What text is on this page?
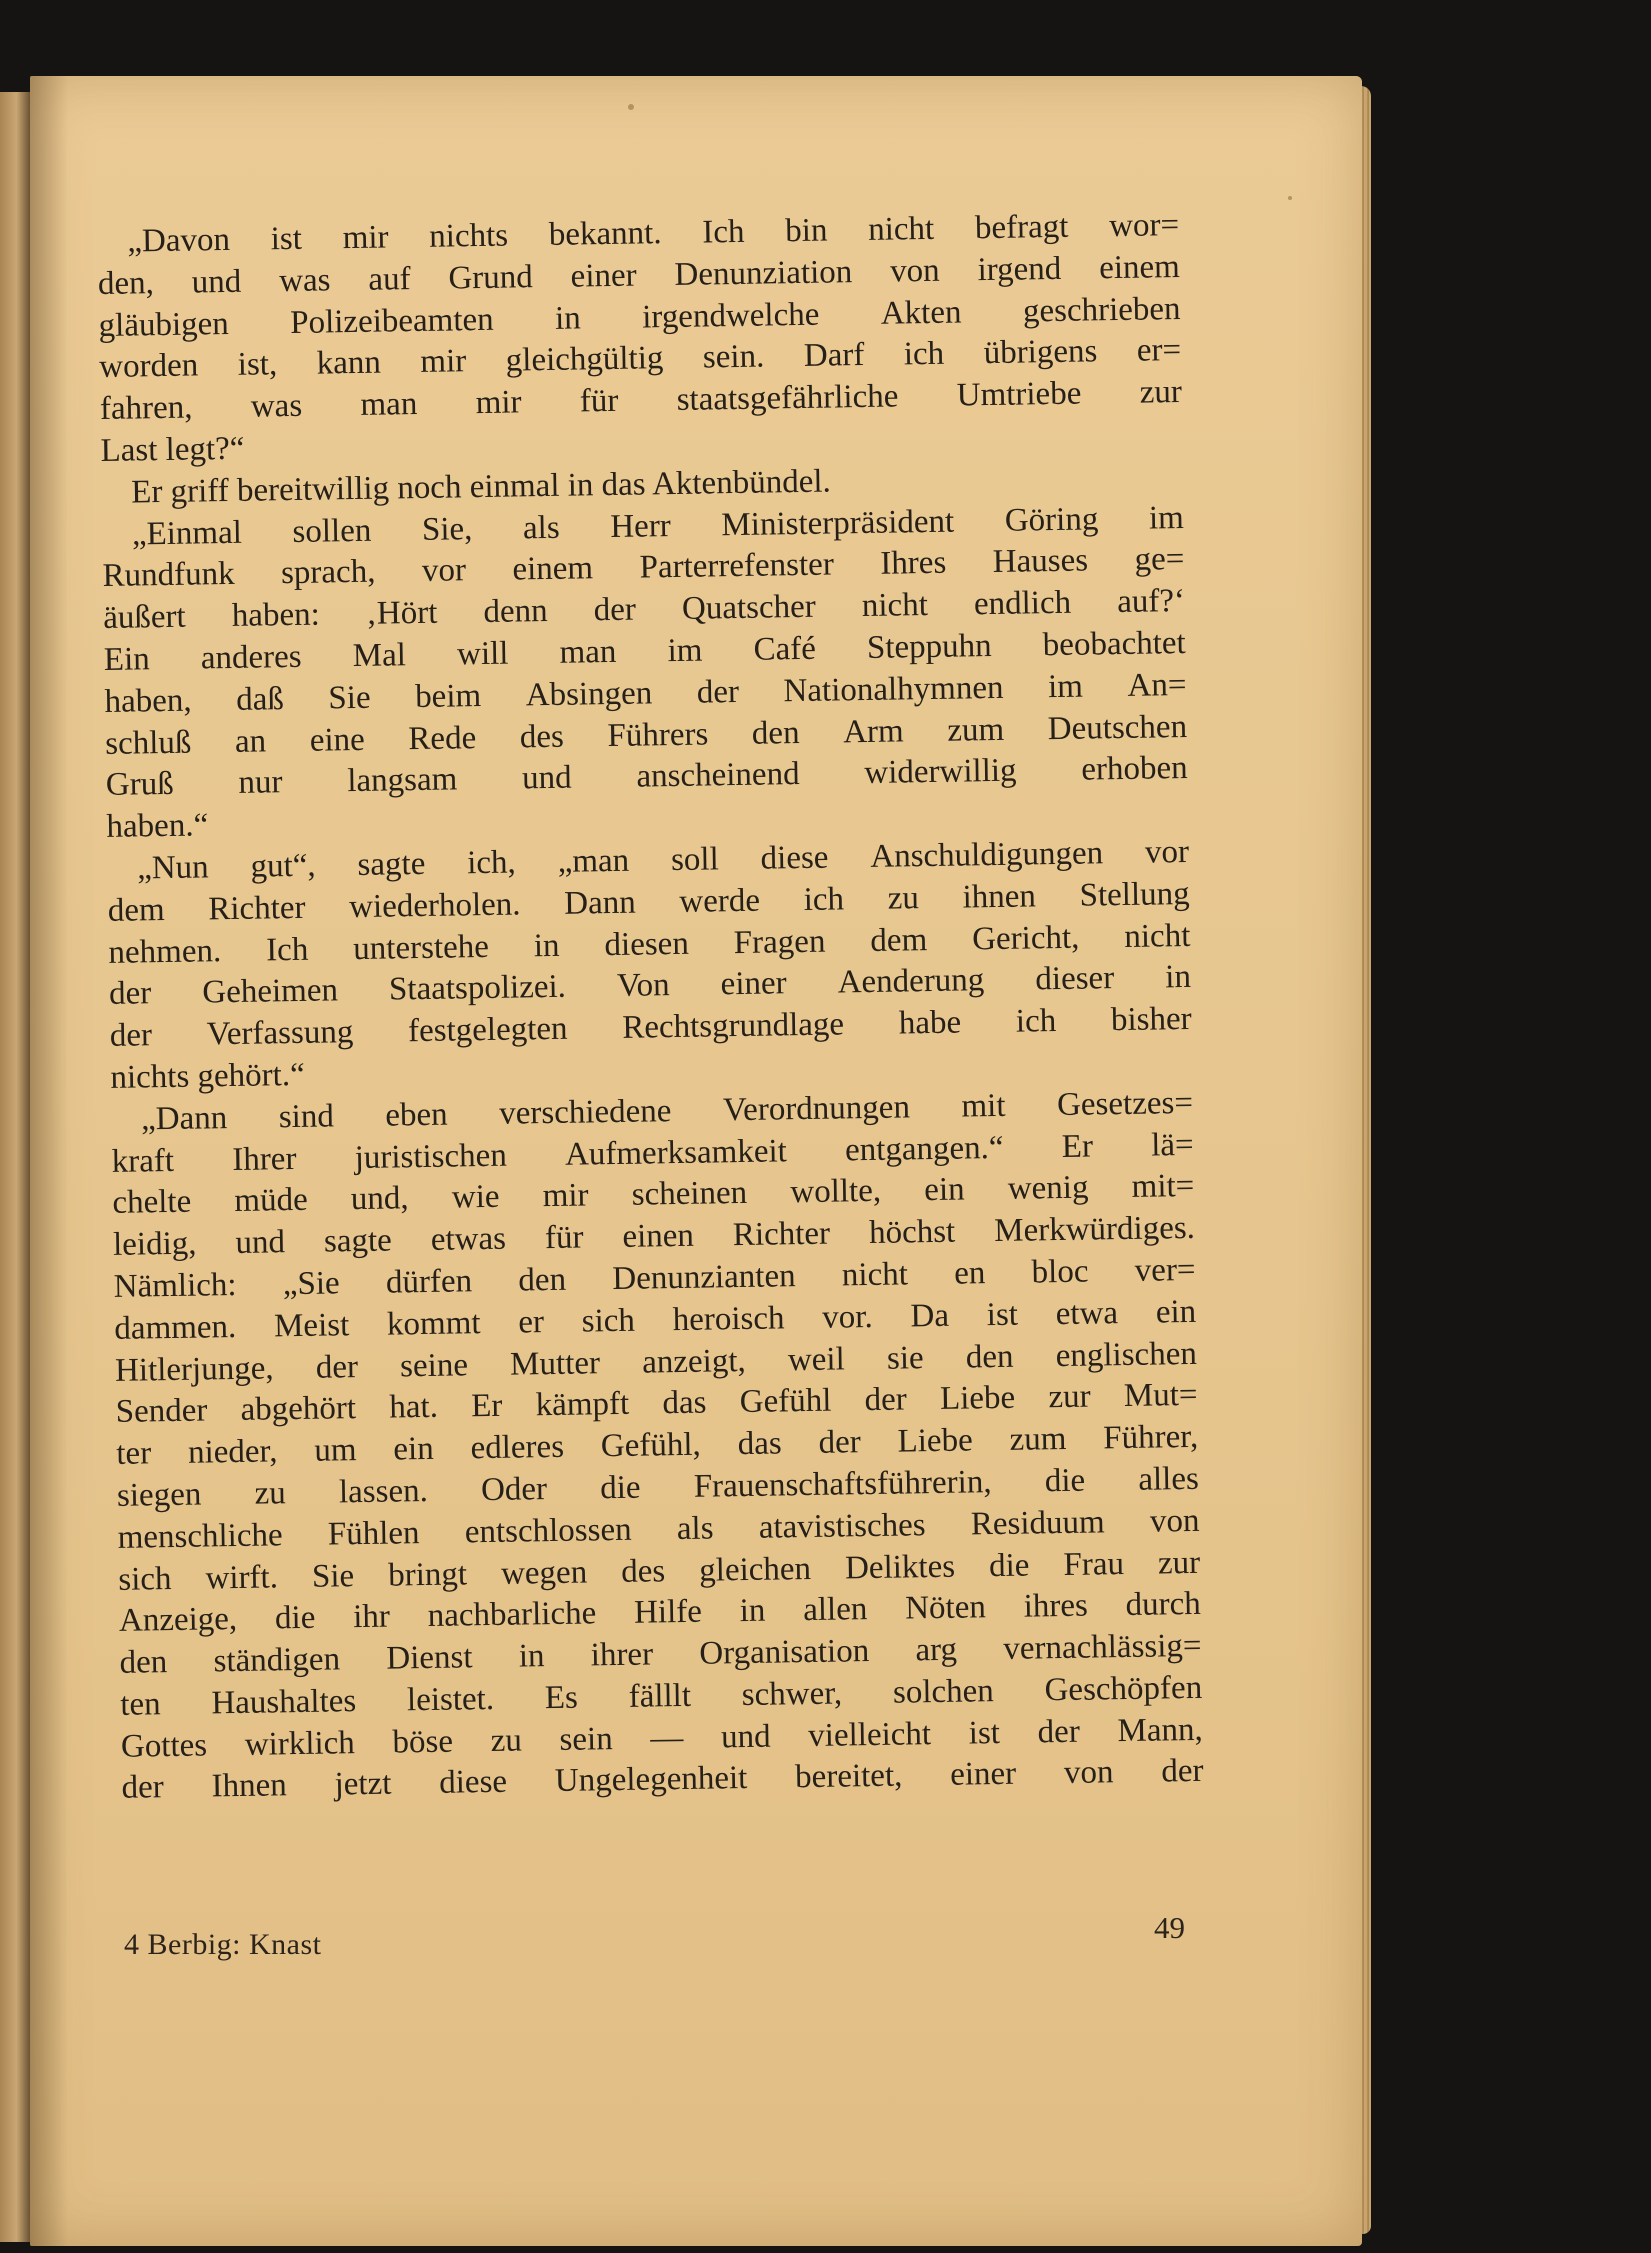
„Davon ist mir nichts bekannt. Ich bin nicht befragt wor=
den, und was auf Grund einer Denunziation von irgend einem
gläubigen Polizeibeamten in irgendwelche Akten geschrieben
worden ist, kann mir gleichgültig sein. Darf ich übrigens er=
fahren, was man mir für staatsgefährliche Umtriebe zur
Last legt?“
Er griff bereitwillig noch einmal in das Aktenbündel.
„Einmal sollen Sie, als Herr Ministerpräsident Göring im
Rundfunk sprach, vor einem Parterrefenster Ihres Hauses ge=
äußert haben: ‚Hört denn der Quatscher nicht endlich auf?‘
Ein anderes Mal will man im Café Steppuhn beobachtet
haben, daß Sie beim Absingen der Nationalhymnen im An=
schluß an eine Rede des Führers den Arm zum Deutschen
Gruß nur langsam und anscheinend widerwillig erhoben
haben.“
„Nun gut“, sagte ich, „man soll diese Anschuldigungen vor
dem Richter wiederholen. Dann werde ich zu ihnen Stellung
nehmen. Ich unterstehe in diesen Fragen dem Gericht, nicht
der Geheimen Staatspolizei. Von einer Aenderung dieser in
der Verfassung festgelegten Rechtsgrundlage habe ich bisher
nichts gehört.“
„Dann sind eben verschiedene Verordnungen mit Gesetzes=
kraft Ihrer juristischen Aufmerksamkeit entgangen.“ Er lä=
chelte müde und, wie mir scheinen wollte, ein wenig mit=
leidig, und sagte etwas für einen Richter höchst Merkwürdiges.
Nämlich: „Sie dürfen den Denunzianten nicht en bloc ver=
dammen. Meist kommt er sich heroisch vor. Da ist etwa ein
Hitlerjunge, der seine Mutter anzeigt, weil sie den englischen
Sender abgehört hat. Er kämpft das Gefühl der Liebe zur Mut=
ter nieder, um ein edleres Gefühl, das der Liebe zum Führer,
siegen zu lassen. Oder die Frauenschaftsführerin, die alles
menschliche Fühlen entschlossen als atavistisches Residuum von
sich wirft. Sie bringt wegen des gleichen Deliktes die Frau zur
Anzeige, die ihr nachbarliche Hilfe in allen Nöten ihres durch
den ständigen Dienst in ihrer Organisation arg vernachlässig=
ten Haushaltes leistet. Es fälllt schwer, solchen Geschöpfen
Gottes wirklich böse zu sein — und vielleicht ist der Mann,
der Ihnen jetzt diese Ungelegenheit bereitet, einer von der
4 Berbig: Knast	49
